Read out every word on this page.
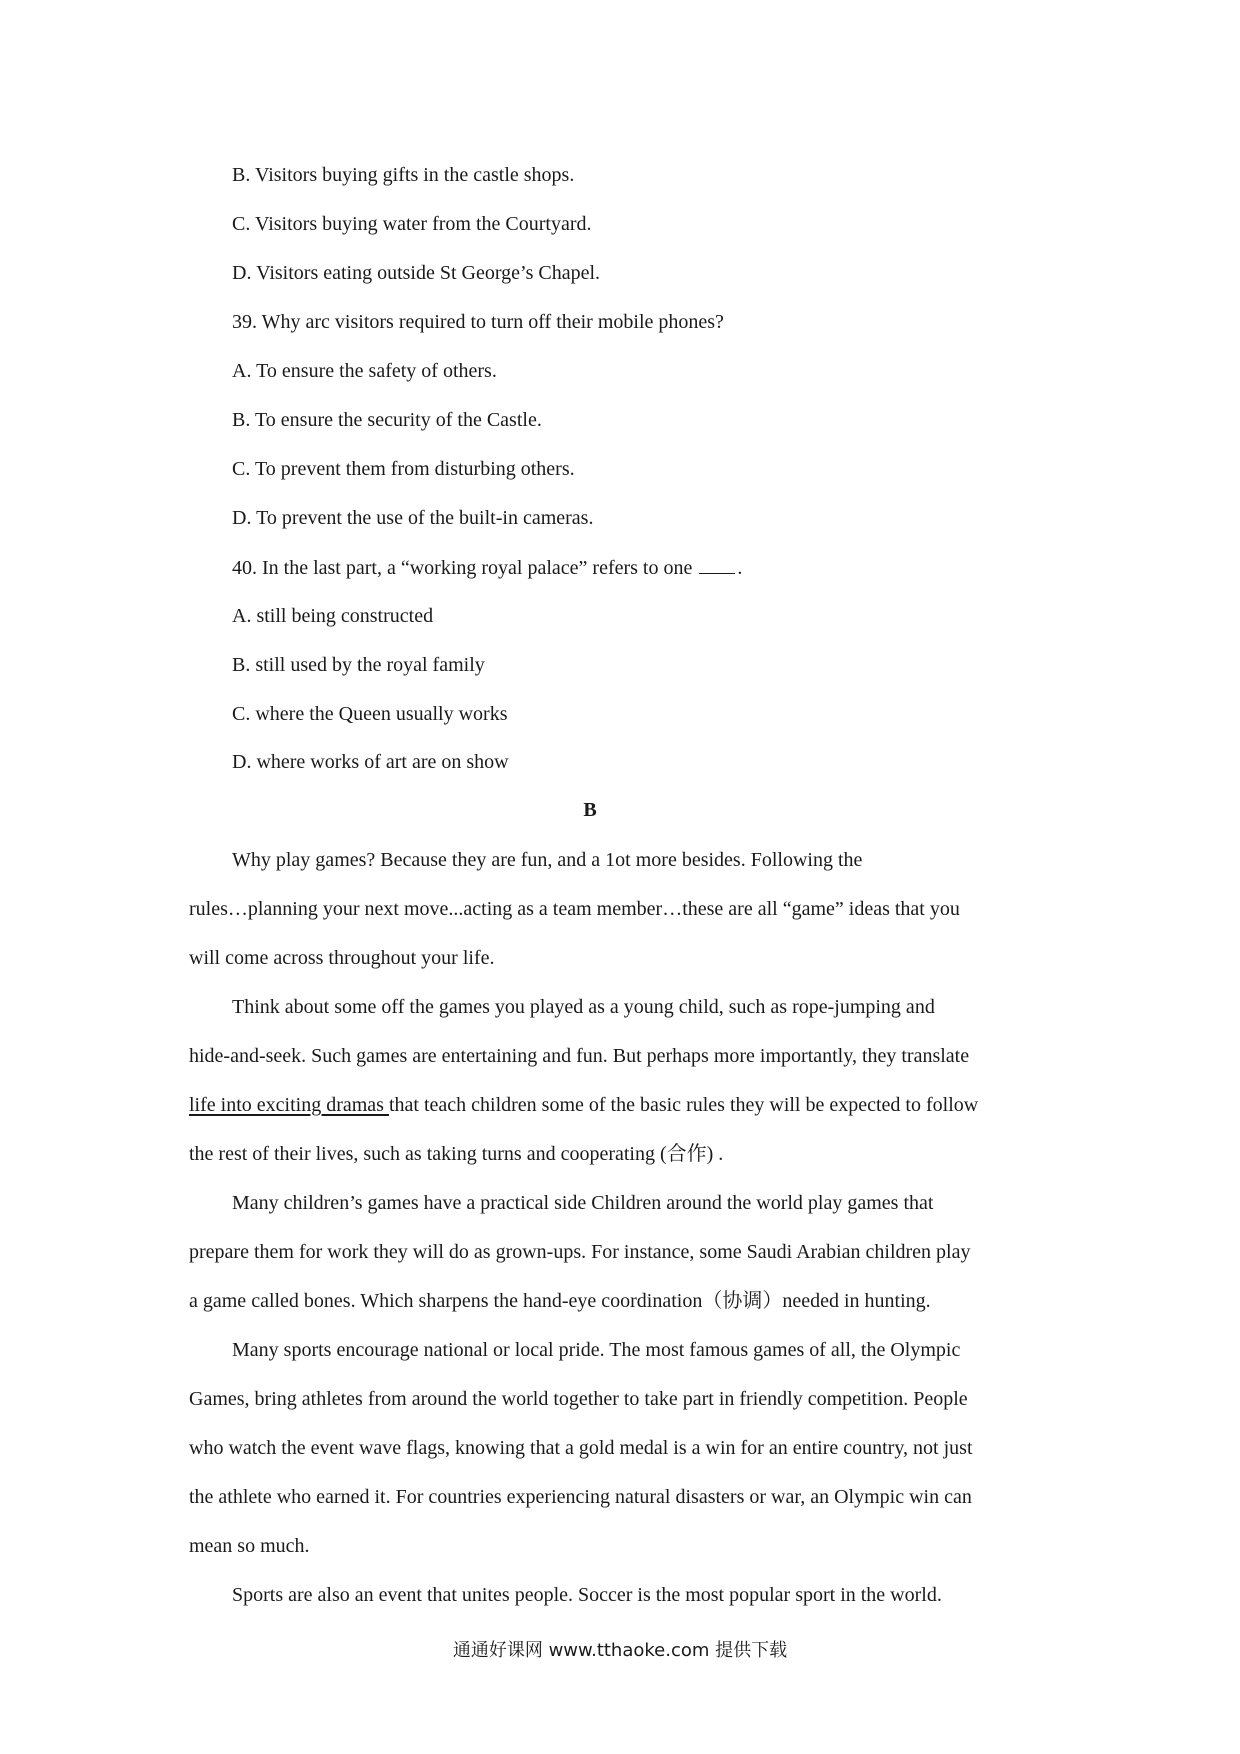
B. Visitors buying gifts in the castle shops.
C. Visitors buying water from the Courtyard.
D. Visitors eating outside St George’s Chapel.
39. Why arc visitors required to turn off their mobile phones?
A. To ensure the safety of others.
B. To ensure the security of the Castle.
C. To prevent them from disturbing others.
D. To prevent the use of the built-in cameras.
40. In the last part, a “working royal palace” refers to one .
A. still being constructed
B. still used by the royal family
C. where the Queen usually works
D. where works of art are on show
B
Why play games? Because they are fun, and a 1ot more besides. Following the
rules…planning your next move...acting as a team member…these are all “game” ideas that you
will come across throughout your life.
Think about some off the games you played as a young child, such as rope-jumping and
hide-and-seek. Such games are entertaining and fun. But perhaps more importantly, they translate
life into exciting dramas that teach children some of the basic rules they will be expected to follow
the rest of their lives, such as taking turns and cooperating (合作) .
Many children’s games have a practical side Children around the world play games that
prepare them for work they will do as grown-ups. For instance, some Saudi Arabian children play
a game called bones. Which sharpens the hand-eye coordination（协调）needed in hunting.
Many sports encourage national or local pride. The most famous games of all, the Olympic
Games, bring athletes from around the world together to take part in friendly competition. People
who watch the event wave flags, knowing that a gold medal is a win for an entire country, not just
the athlete who earned it. For countries experiencing natural disasters or war, an Olympic win can
mean so much.
Sports are also an event that unites people. Soccer is the most popular sport in the world.
通通好课网 www.tthaoke.com 提供下载
